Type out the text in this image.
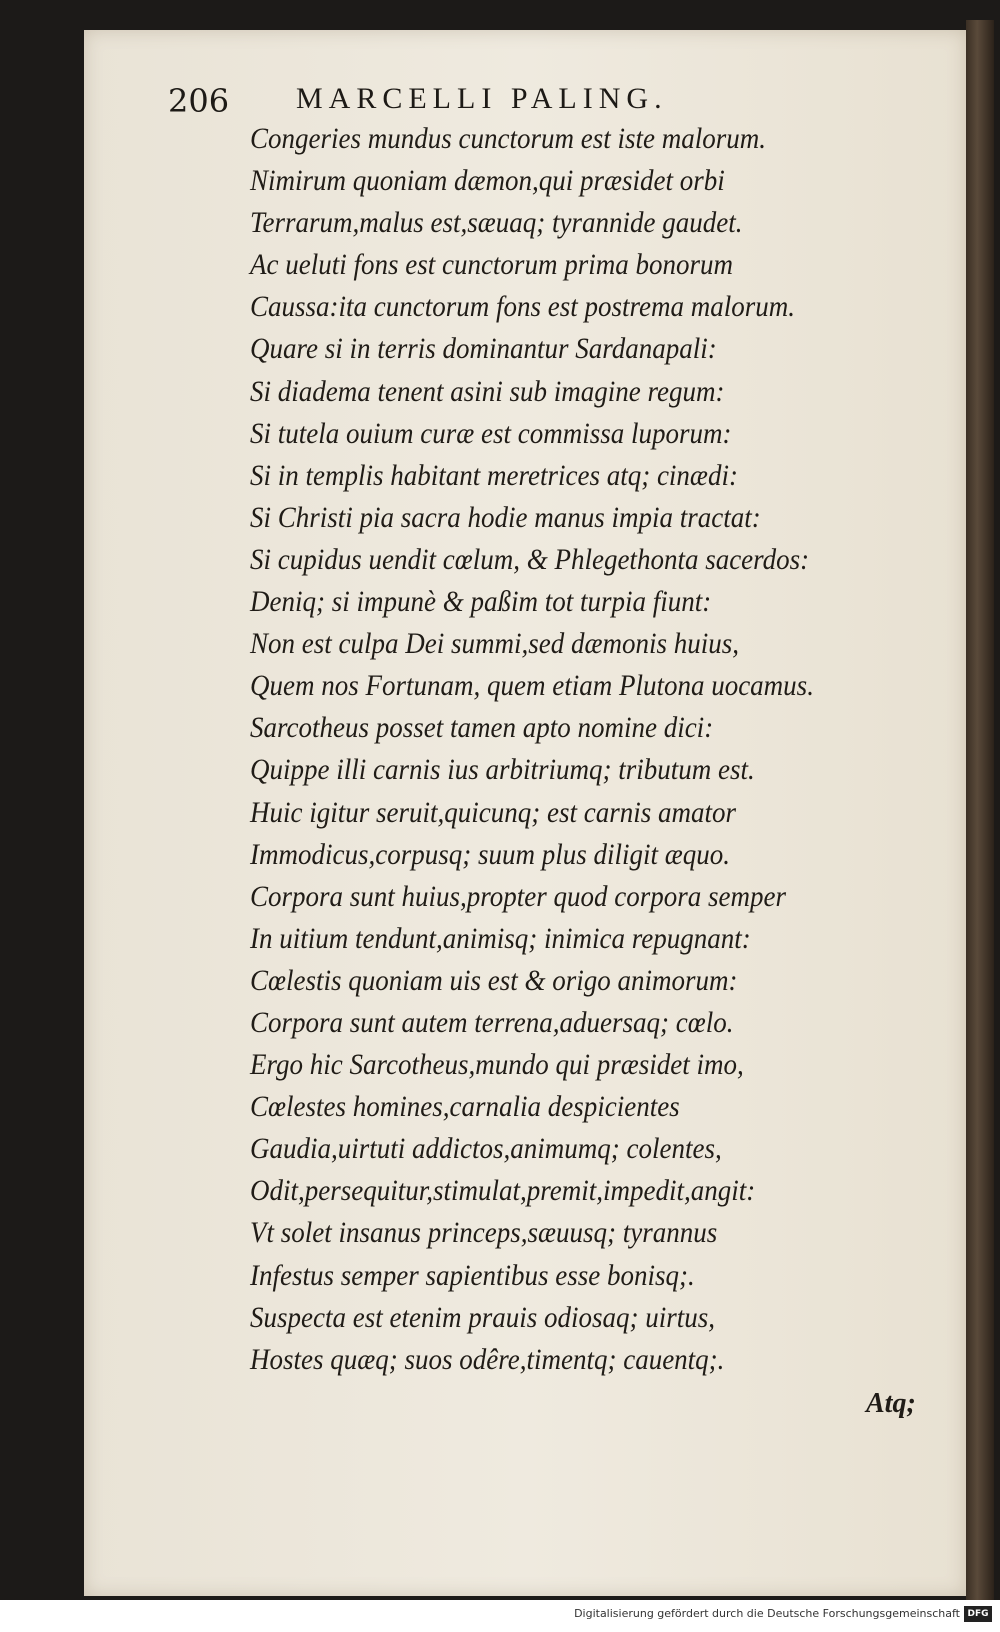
206 MARCELLI PALING.
Congeries mundus cunctorum est iste malorum.
Nimirum quoniam dæmon,qui præsidet orbi
Terrarum,malus est,sæuaq; tyrannide gaudet.
Ac ueluti fons est cunctorum prima bonorum
Caussa:ita cunctorum fons est postrema malorum.
Quare si in terris dominantur Sardanapali:
Si diadema tenent asini sub imagine regum:
Si tutela ouium curæ est commissa luporum:
Si in templis habitant meretrices atq; cinædi:
Si Christi pia sacra hodie manus impia tractat:
Si cupidus uendit cœlum, & Phlegethonta sacerdos:
Deniq; si impunè & paßim tot turpia fiunt:
Non est culpa Dei summi,sed dæmonis huius,
Quem nos Fortunam, quem etiam Plutona uocamus.
Sarcotheus posset tamen apto nomine dici:
Quippe illi carnis ius arbitriumq; tributum est.
Huic igitur seruit,quicunq; est carnis amator
Immodicus,corpusq; suum plus diligit æquo.
Corpora sunt huius,propter quod corpora semper
In uitium tendunt,animisq; inimica repugnant:
Cœlestis quoniam uis est & origo animorum:
Corpora sunt autem terrena,aduersaq; cœlo.
Ergo hic Sarcotheus,mundo qui præsidet imo,
Cœlestes homines,carnalia despicientes
Gaudia,uirtuti addictos,animumq; colentes,
Odit,persequitur,stimulat,premit,impedit,angit:
Vt solet insanus princeps,sæuusq; tyrannus
Infestus semper sapientibus esse bonisq;.
Suspecta est etenim prauis odiosaq; uirtus,
Hostes quæq; suos odêre,timentq; cauentq;.
Atq;
Digitalisierung gefördert durch die Deutsche Forschungsgemeinschaft DFG
